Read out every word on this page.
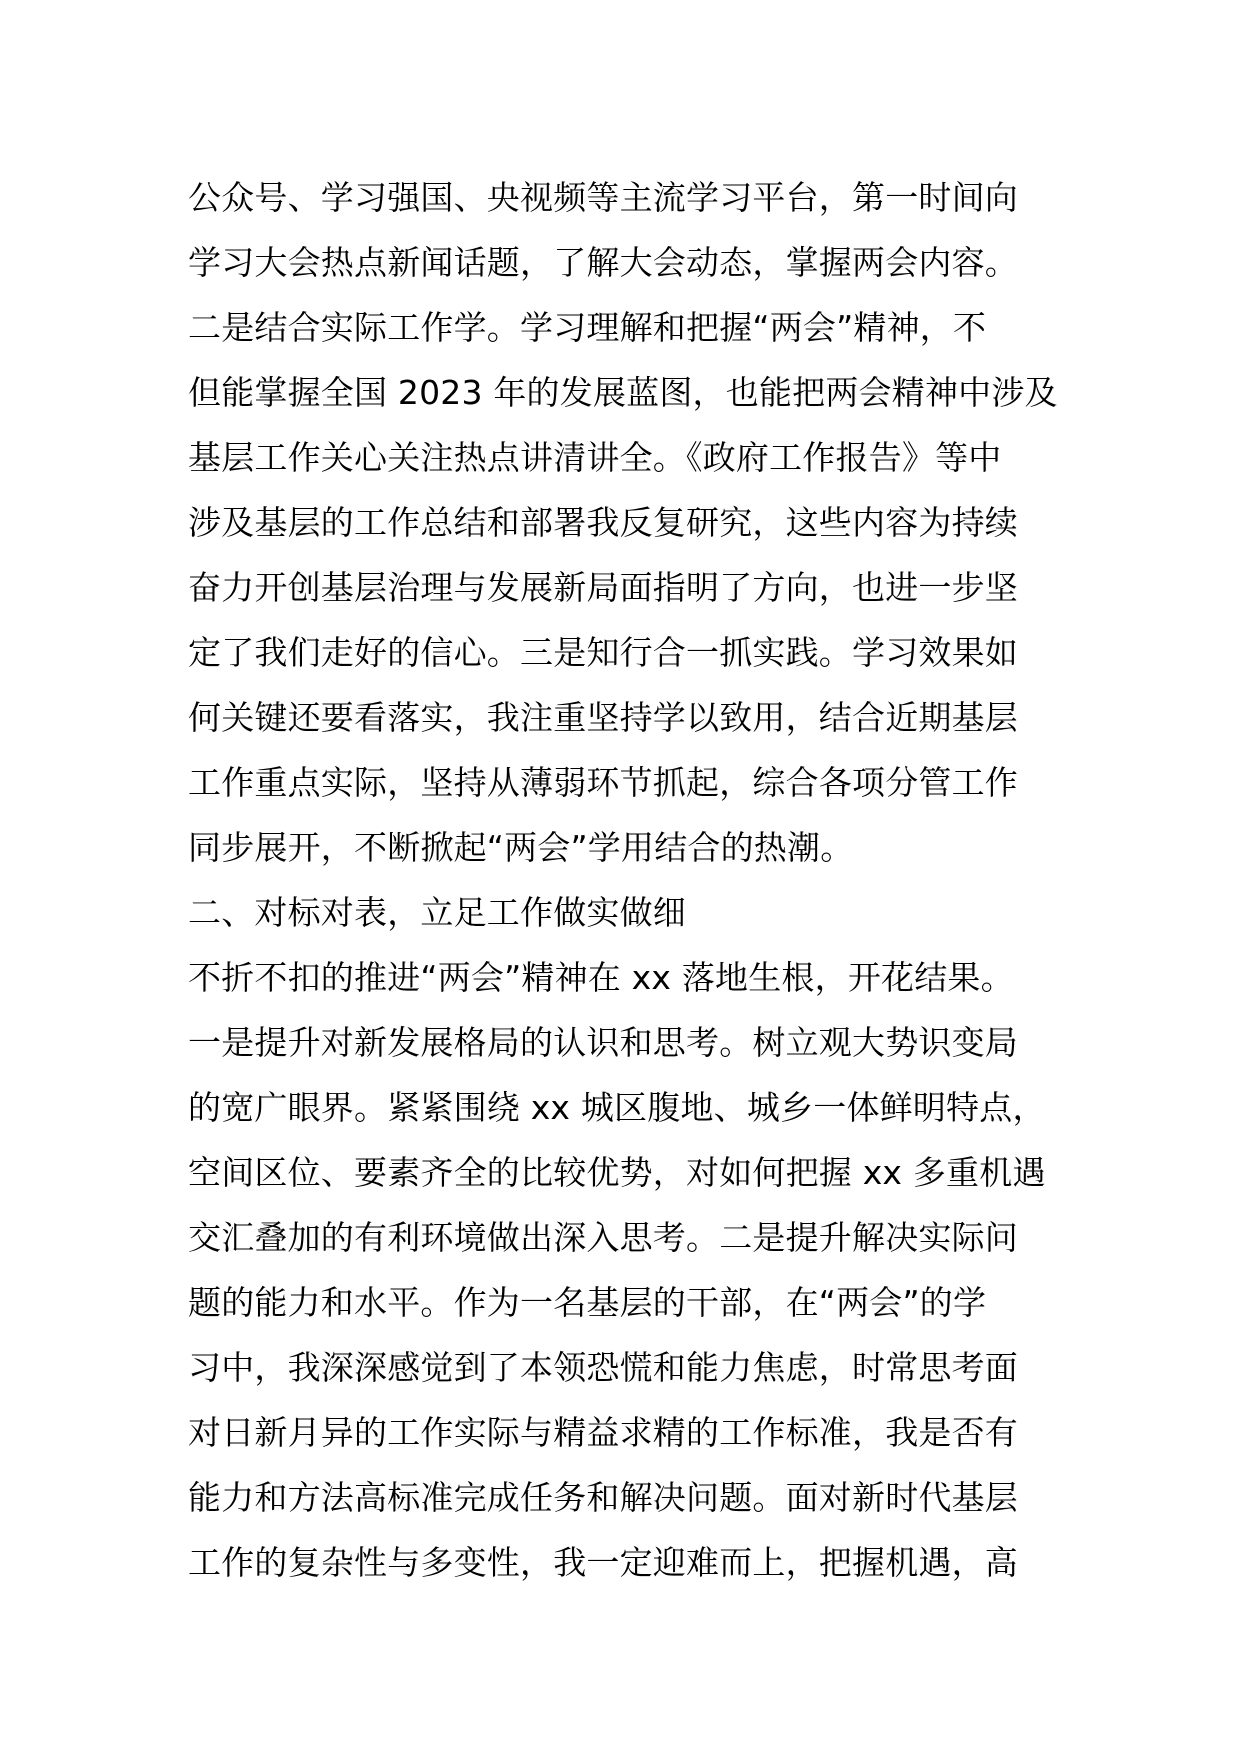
公众号、学习强国、央视频等主流学习平台，第一时间向
学习大会热点新闻话题，了解大会动态，掌握两会内容。
二是结合实际工作学。学习理解和把握“两会”精神，不
但能掌握全国 2023 年的发展蓝图，也能把两会精神中涉及
基层工作关心关注热点讲清讲全。《政府工作报告》等中
涉及基层的工作总结和部署我反复研究，这些内容为持续
奋力开创基层治理与发展新局面指明了方向，也进一步坚
定了我们走好的信心。三是知行合一抓实践。学习效果如
何关键还要看落实，我注重坚持学以致用，结合近期基层
工作重点实际，坚持从薄弱环节抓起，综合各项分管工作
同步展开，不断掀起“两会”学用结合的热潮。
二、对标对表，立足工作做实做细
不折不扣的推进“两会”精神在 xx 落地生根，开花结果。
一是提升对新发展格局的认识和思考。树立观大势识变局
的宽广眼界。紧紧围绕 xx 城区腹地、城乡一体鲜明特点，
空间区位、要素齐全的比较优势，对如何把握 xx 多重机遇
交汇叠加的有利环境做出深入思考。二是提升解决实际问
题的能力和水平。作为一名基层的干部，在“两会”的学
习中，我深深感觉到了本领恐慌和能力焦虑，时常思考面
对日新月异的工作实际与精益求精的工作标准，我是否有
能力和方法高标准完成任务和解决问题。面对新时代基层
工作的复杂性与多变性，我一定迎难而上，把握机遇，高
